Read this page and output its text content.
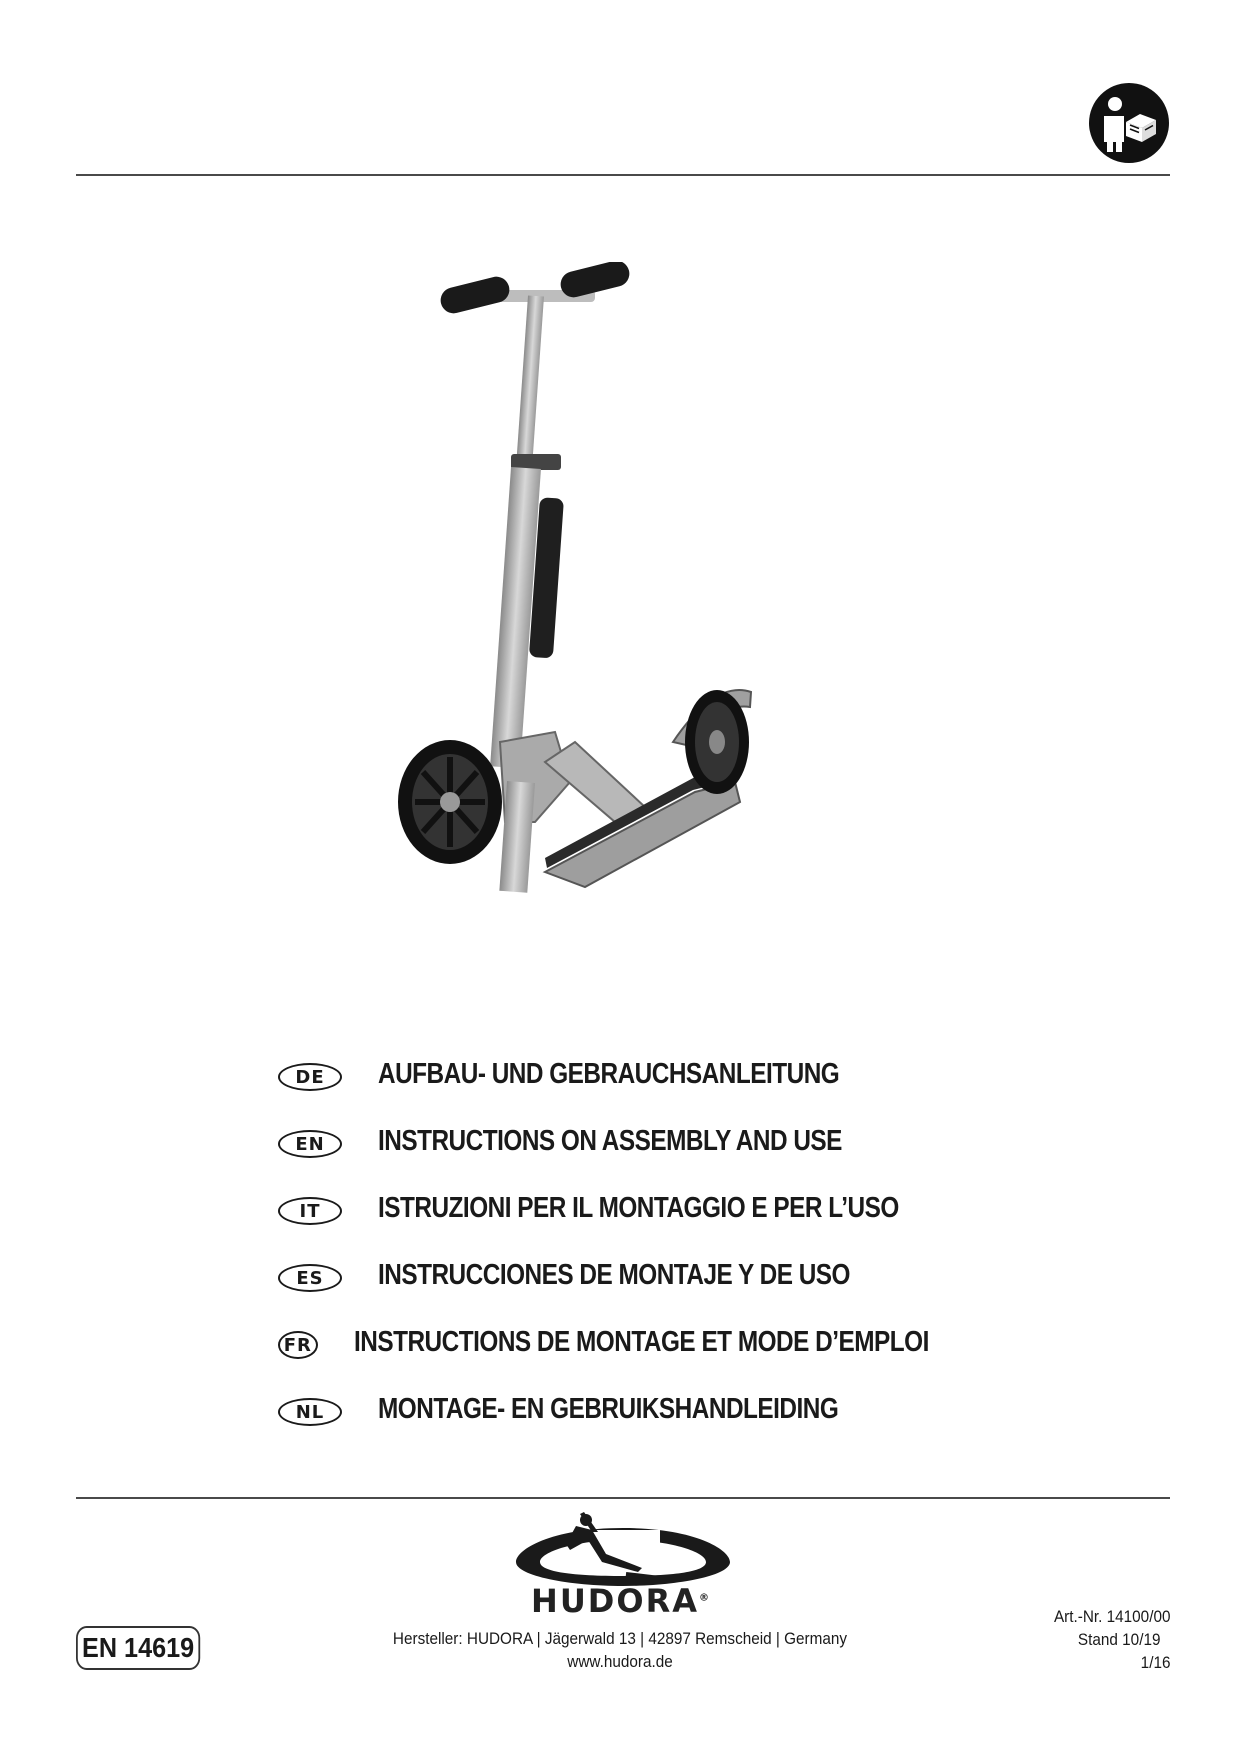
DE	AUFBAU- UND GEBRAUCHSANLEITUNG
EN	INSTRUCTIONS ON ASSEMBLY AND USE
IT	ISTRUZIONI PER IL MONTAGGIO E PER L’USO
ES	INSTRUCCIONES DE MONTAJE Y DE USO
FR INSTRUCTIONS DE MONTAGE ET MODE D’EMPLOI
NL	MONTAGE- EN GEBRUIKSHANDLEIDING
HUDORA®
EN 14619	Hersteller: HUDORA | Jägerwald 13 | 42897 Remscheid | Germany
www.hudora.de
Art.-Nr. 14100/00
Stand 10/19
1/16
